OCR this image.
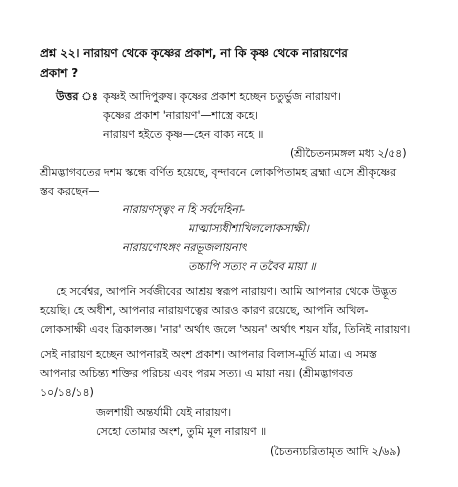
প্রশ্ন ২২। নারায়ণ থেকে কৃষ্ণের প্রকাশ, না কি কৃষ্ণ থেকে নারায়ণের
প্রকাশ ?
উত্তর ঃ কৃষ্ণই আদিপুরুষ। কৃষ্ণের প্রকাশ হচ্ছেন চতুর্ভুজ নারায়ণ।
কৃষ্ণের প্রকাশ 'নারায়ণ'—শাস্ত্রে কহে।
নারায়ণ হইতে কৃষ্ণ—হেন বাক্য নহে ॥
(শ্রীচৈতন্যমঙ্গল মধ্য ২/৫৪)
শ্রীমদ্ভাগবতের দশম স্কন্ধে বর্ণিত হয়েছে, বৃন্দাবনে লোকপিতামহ ব্রহ্মা এসে শ্রীকৃষ্ণের
স্তব করছেন—
নারায়ণস্ত্বং ন হি সর্বদেহিনা-
মাত্মাস্যধীশাখিললোকসাক্ষী।
নারায়ণোঽঙ্গং নরভূজলায়নাৎ
তচ্চাপি সত্যং ন তবৈব মায়া ॥
হে সর্বেশ্বর, আপনি সর্বজীবের আশ্রয় স্বরূপ নারায়ণ। আমি আপনার থেকে উদ্ভূত
হয়েছি। হে অধীশ, আপনার নারায়ণত্বের আরও কারণ রয়েছে, আপনি অখিল-
লোকসাক্ষী এবং ত্রিকালজ্ঞ। 'নার' অর্থাৎ জলে 'অয়ন' অর্থাৎ শয়ন যাঁর, তিনিই নারায়ণ।
সেই নারায়ণ হচ্ছেন আপনারই অংশ প্রকাশ। আপনার বিলাস-মূর্তি মাত্র। এ সমস্ত
আপনার অচিন্ত্য শক্তির পরিচয় এবং পরম সত্য। এ মায়া নয়। (শ্রীমদ্ভাগবত
১০/১৪/১৪)
জলশায়ী অন্তর্যামী যেই নারায়ণ।
সেহো তোমার অংশ, তুমি মূল নারায়ণ ॥
(চৈতন্যচরিতামৃত আদি ২/৬৯)
